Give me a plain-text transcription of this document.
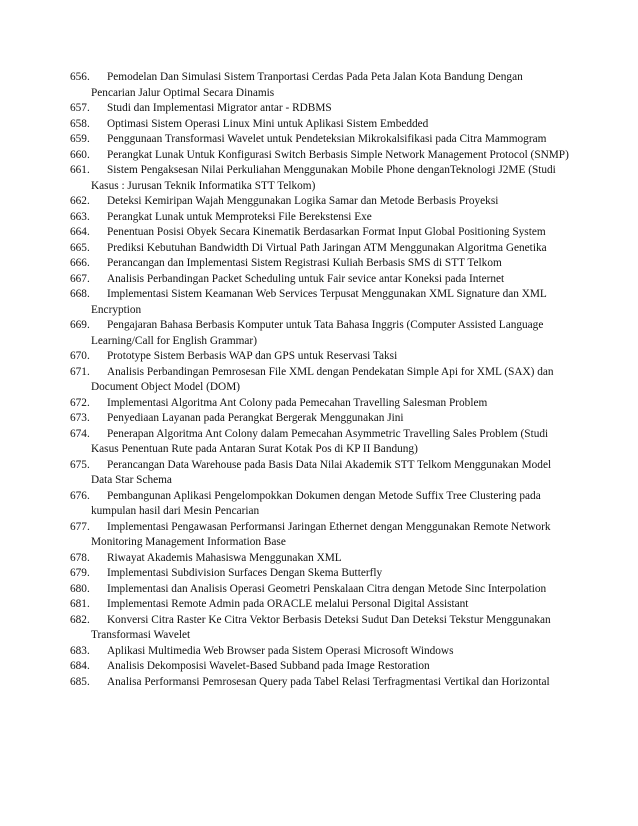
656. Pemodelan Dan Simulasi Sistem Tranportasi Cerdas Pada Peta Jalan Kota Bandung Dengan Pencarian Jalur Optimal Secara Dinamis
657. Studi dan Implementasi Migrator antar - RDBMS
658. Optimasi Sistem Operasi Linux Mini untuk Aplikasi Sistem Embedded
659. Penggunaan Transformasi Wavelet untuk Pendeteksian Mikrokalsifikasi pada Citra Mammogram
660. Perangkat Lunak Untuk Konfigurasi Switch Berbasis Simple Network Management Protocol (SNMP)
661. Sistem Pengaksesan Nilai Perkuliahan Menggunakan Mobile Phone denganTeknologi J2ME (Studi Kasus : Jurusan Teknik Informatika STT Telkom)
662. Deteksi Kemiripan Wajah Menggunakan Logika Samar dan Metode Berbasis Proyeksi
663. Perangkat Lunak untuk Memproteksi File Berekstensi Exe
664. Penentuan Posisi Obyek Secara Kinematik Berdasarkan Format Input Global Positioning System
665. Prediksi Kebutuhan Bandwidth Di Virtual Path Jaringan ATM Menggunakan Algoritma Genetika
666. Perancangan dan Implementasi Sistem Registrasi Kuliah Berbasis SMS di STT Telkom
667. Analisis Perbandingan Packet Scheduling untuk Fair sevice antar Koneksi pada Internet
668. Implementasi Sistem Keamanan Web Services Terpusat Menggunakan XML Signature dan XML Encryption
669. Pengajaran Bahasa Berbasis Komputer untuk Tata Bahasa Inggris (Computer Assisted Language Learning/Call for English Grammar)
670. Prototype Sistem Berbasis WAP dan GPS untuk Reservasi Taksi
671. Analisis Perbandingan Pemrosesan File XML dengan Pendekatan Simple Api for XML (SAX) dan Document Object Model (DOM)
672. Implementasi Algoritma Ant Colony pada Pemecahan Travelling Salesman Problem
673. Penyediaan Layanan pada Perangkat Bergerak Menggunakan Jini
674. Penerapan Algoritma Ant Colony dalam Pemecahan Asymmetric Travelling Sales Problem (Studi Kasus Penentuan Rute pada Antaran Surat Kotak Pos di KP II Bandung)
675. Perancangan Data Warehouse pada Basis Data Nilai Akademik STT Telkom Menggunakan Model Data Star Schema
676. Pembangunan Aplikasi Pengelompokkan Dokumen dengan Metode Suffix Tree Clustering pada kumpulan hasil dari Mesin Pencarian
677. Implementasi Pengawasan Performansi Jaringan Ethernet dengan Menggunakan Remote Network Monitoring Management Information Base
678. Riwayat Akademis Mahasiswa Menggunakan XML
679. Implementasi Subdivision Surfaces Dengan Skema Butterfly
680. Implementasi dan Analisis Operasi Geometri Penskalaan Citra dengan Metode Sinc Interpolation
681. Implementasi Remote Admin pada ORACLE melalui Personal Digital Assistant
682. Konversi Citra Raster Ke Citra Vektor Berbasis Deteksi Sudut Dan Deteksi Tekstur Menggunakan Transformasi Wavelet
683. Aplikasi Multimedia Web Browser pada Sistem Operasi Microsoft Windows
684. Analisis Dekomposisi Wavelet-Based Subband pada Image Restoration
685. Analisa Performansi Pemrosesan Query pada Tabel Relasi Terfragmentasi Vertikal dan Horizontal
